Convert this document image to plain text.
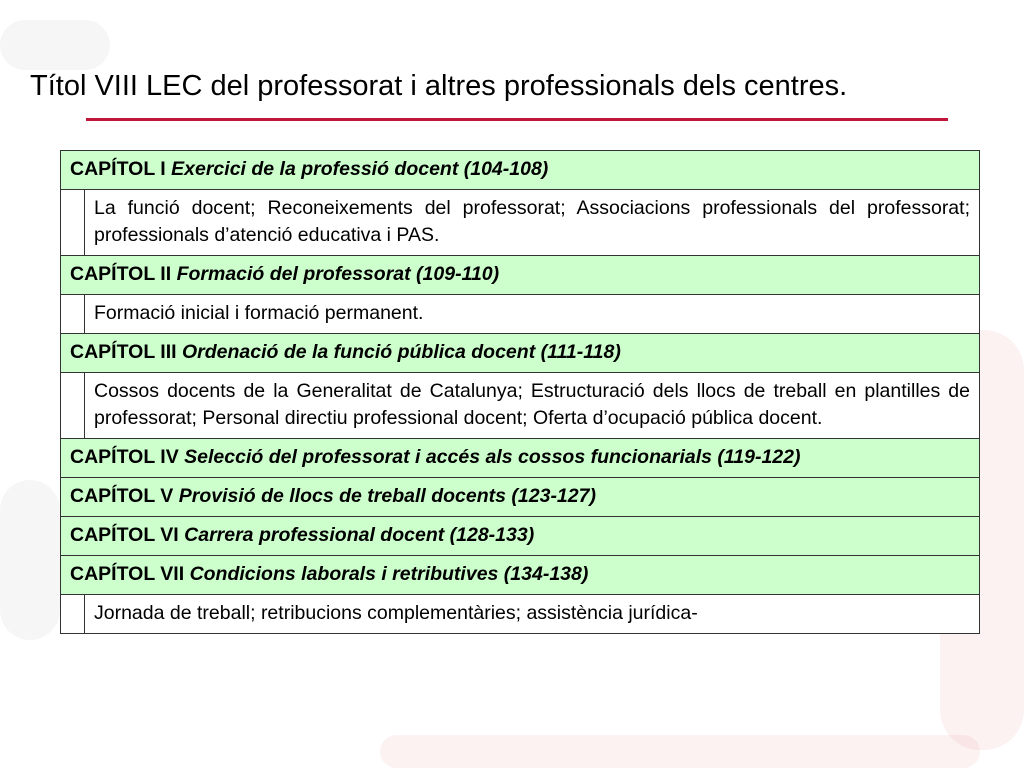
Títol VIII LEC del professorat i altres professionals dels centres.
CAPÍTOL I Exercici de la professió docent (104-108)	
	La funció docent; Reconeixements del professorat; Associacions professionals del professorat; professionals d’atenció educativa i PAS.
CAPÍTOL II Formació del professorat (109-110)	
	Formació inicial i formació permanent.
CAPÍTOL III Ordenació de la funció pública docent (111-118)	
	Cossos docents de la Generalitat de Catalunya; Estructuració dels llocs de treball en plantilles de professorat; Personal directiu professional docent; Oferta d’ocupació pública docent.
CAPÍTOL IV Selecció del professorat i accés als cossos funcionarials (119-122)	
CAPÍTOL V Provisió de llocs de treball docents (123-127)	
CAPÍTOL VI Carrera professional docent (128-133)	
CAPÍTOL VII Condicions laborals i retributives (134-138)	
	Jornada de treball; retribucions complementàries; assistència jurídica-
